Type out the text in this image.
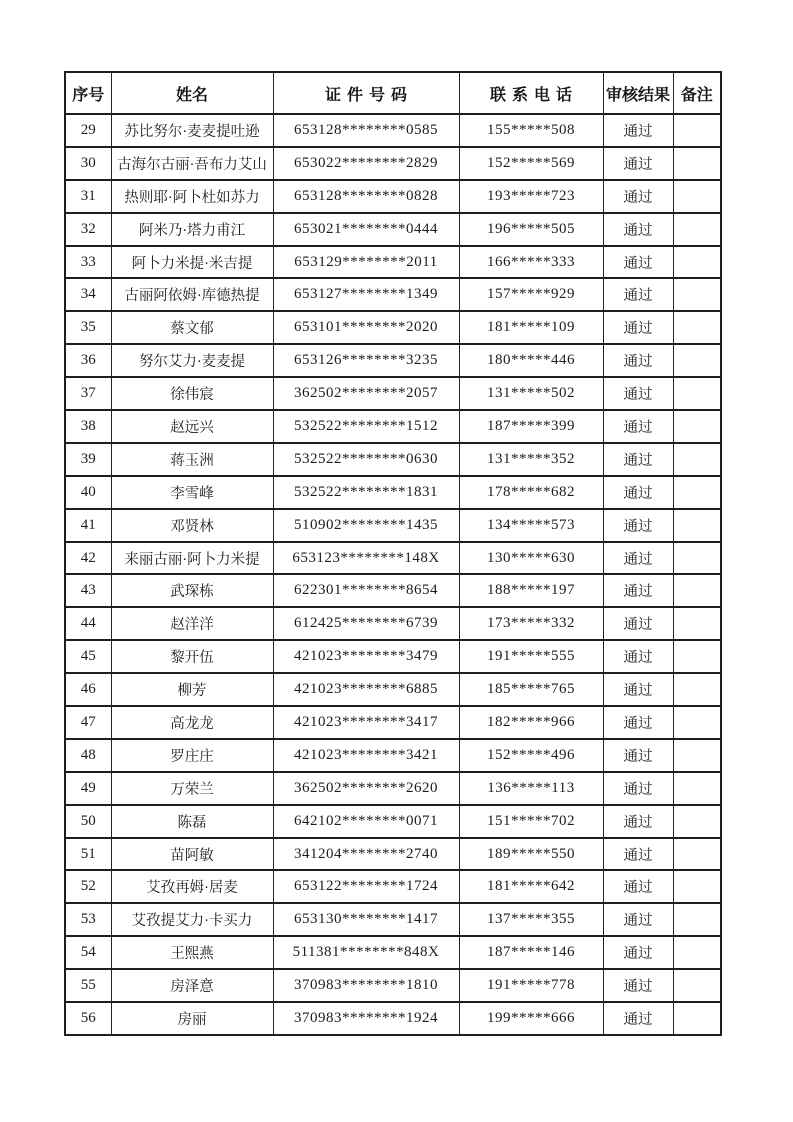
序号	姓名	证件号码	联系电话	审核结果	备注
29	苏比努尔·麦麦提吐逊	653128********0585	155*****508	通过	
30	古海尔古丽·吾布力艾山	653022********2829	152*****569	通过	
31	热则耶·阿卜杜如苏力	653128********0828	193*****723	通过	
32	阿米乃·塔力甫江	653021********0444	196*****505	通过	
33	阿卜力米提·米吉提	653129********2011	166*****333	通过	
34	古丽阿依姆·库德热提	653127********1349	157*****929	通过	
35	蔡文郁	653101********2020	181*****109	通过	
36	努尔艾力·麦麦提	653126********3235	180*****446	通过	
37	徐伟宸	362502********2057	131*****502	通过	
38	赵远兴	532522********1512	187*****399	通过	
39	蒋玉洲	532522********0630	131*****352	通过	
40	李雪峰	532522********1831	178*****682	通过	
41	邓贤林	510902********1435	134*****573	通过	
42	来丽古丽·阿卜力米提	653123********148X	130*****630	通过	
43	武琛栋	622301********8654	188*****197	通过	
44	赵洋洋	612425********6739	173*****332	通过	
45	黎开伍	421023********3479	191*****555	通过	
46	柳芳	421023********6885	185*****765	通过	
47	高龙龙	421023********3417	182*****966	通过	
48	罗庄庄	421023********3421	152*****496	通过	
49	万荣兰	362502********2620	136*****113	通过	
50	陈磊	642102********0071	151*****702	通过	
51	苗阿敏	341204********2740	189*****550	通过	
52	艾孜再姆·居麦	653122********1724	181*****642	通过	
53	艾孜提艾力·卡买力	653130********1417	137*****355	通过	
54	王熙燕	511381********848X	187*****146	通过	
55	房泽意	370983********1810	191*****778	通过	
56	房丽	370983********1924	199*****666	通过	
